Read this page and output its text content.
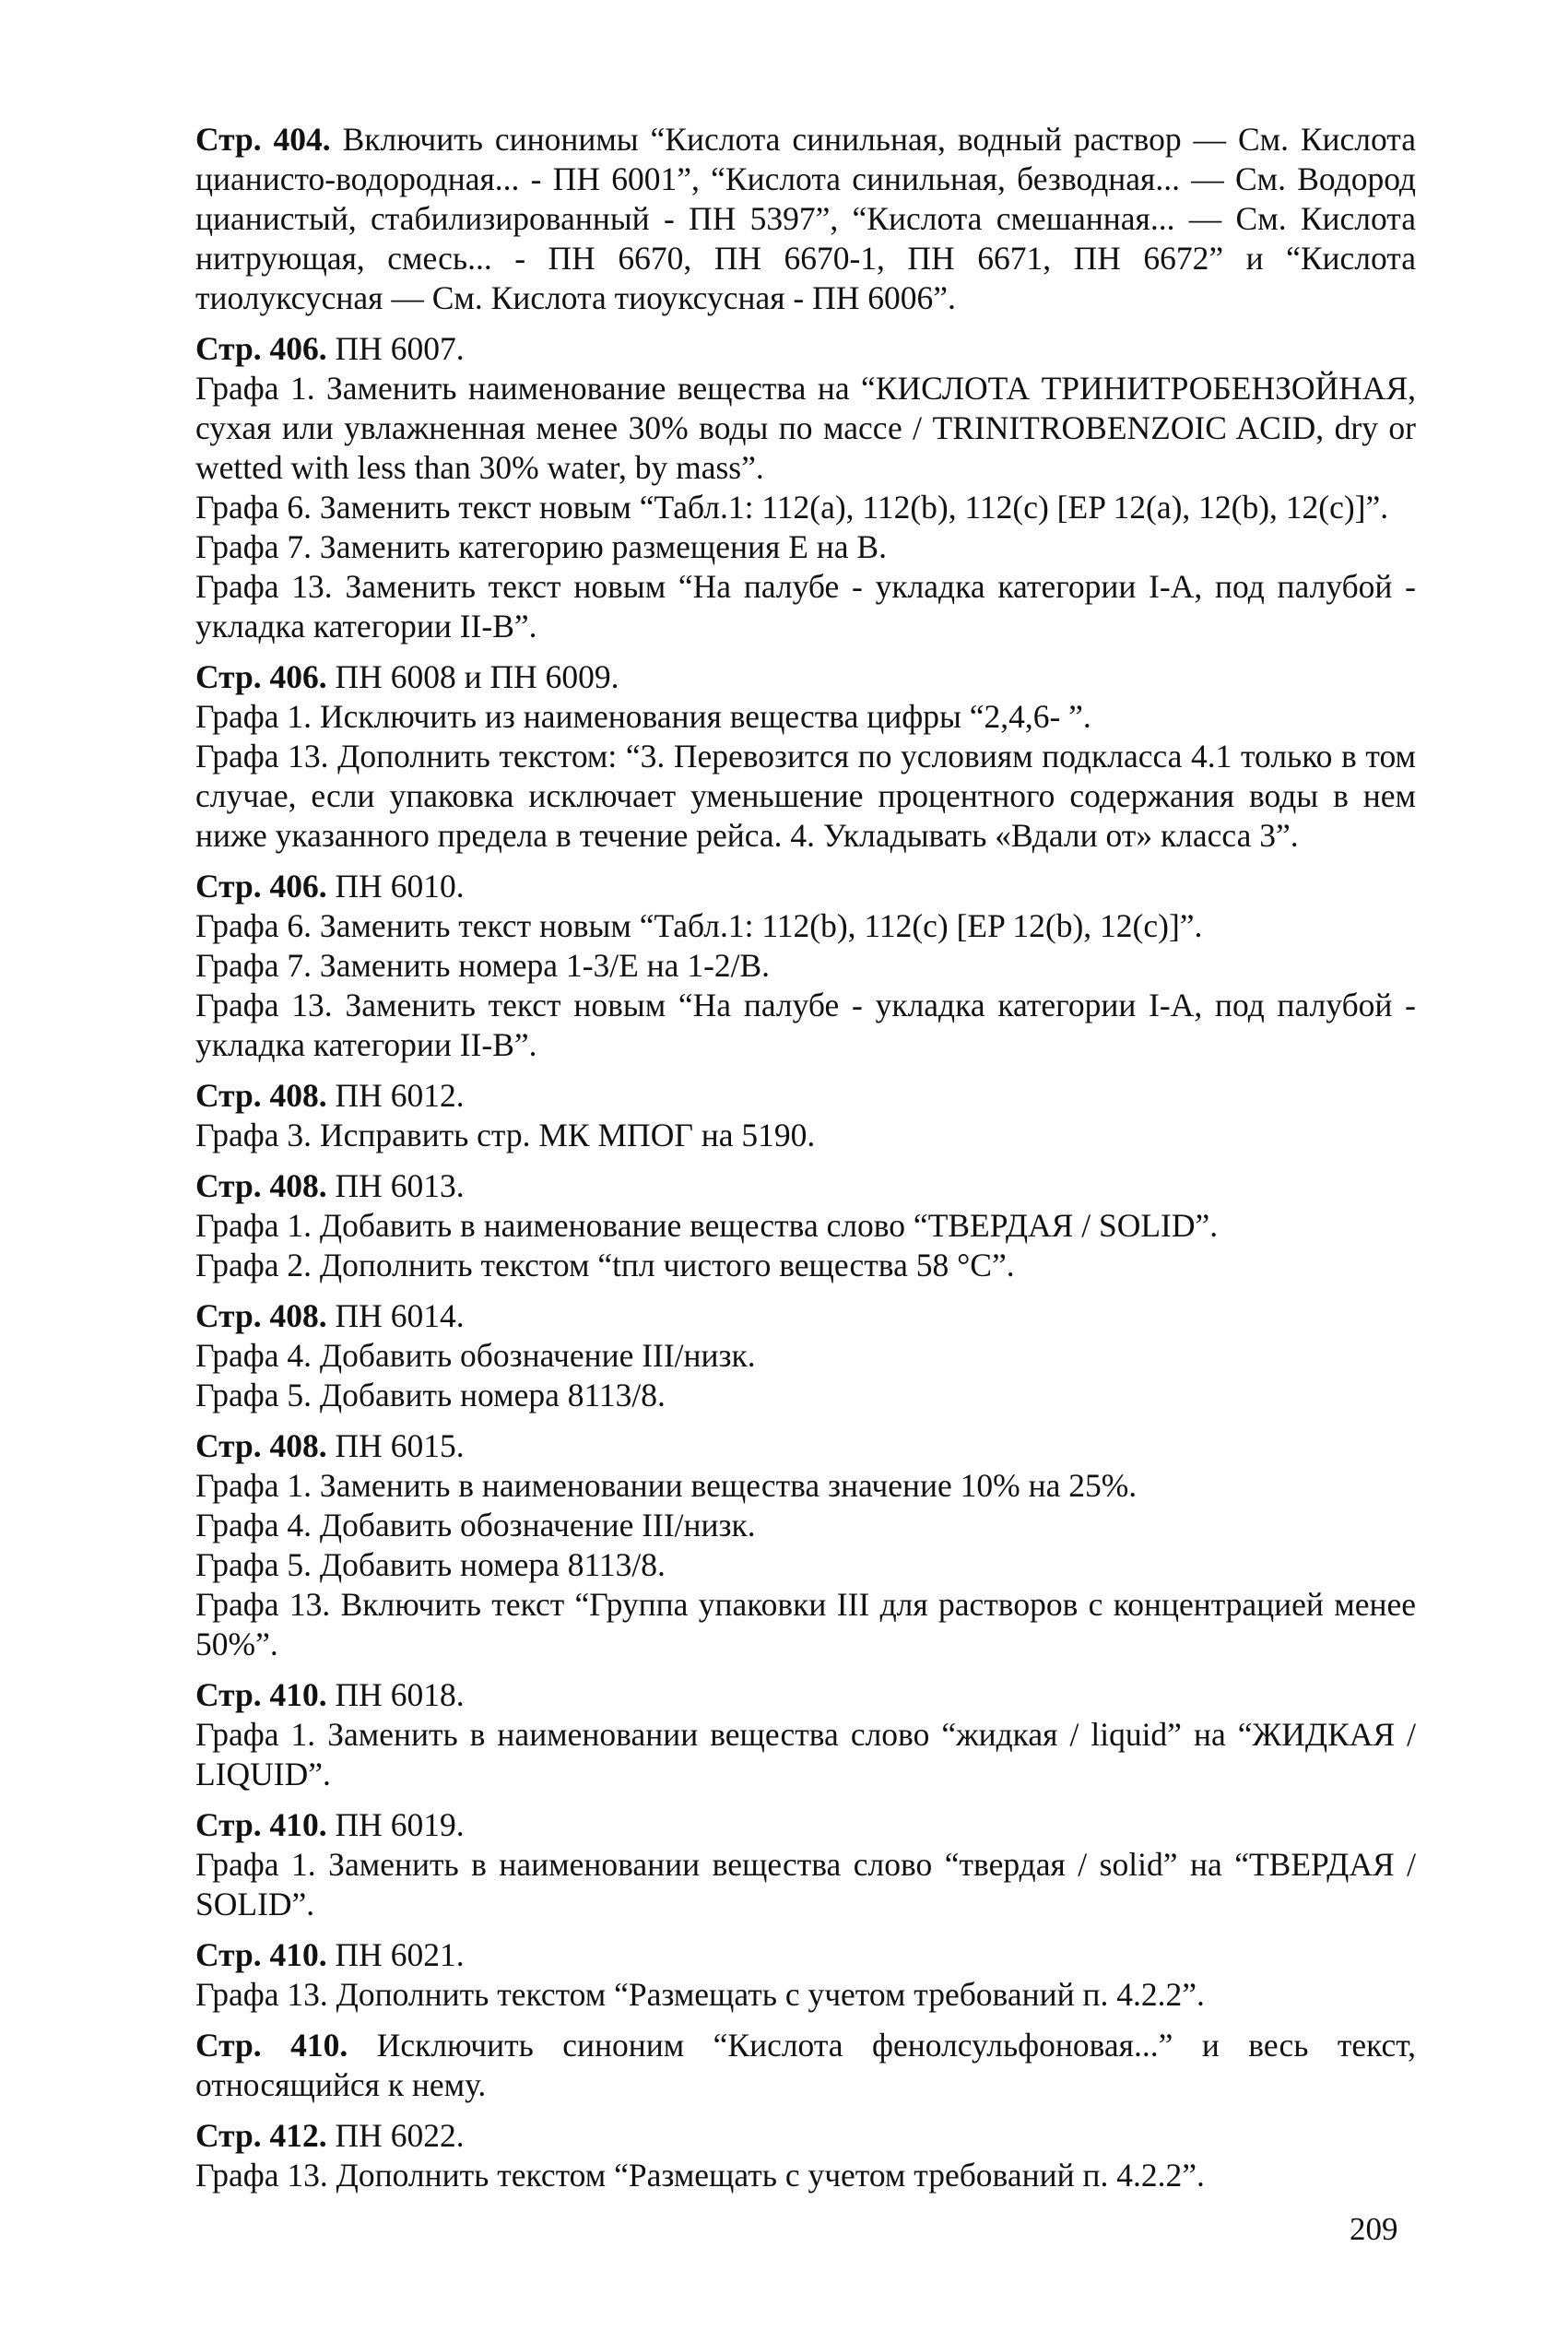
Стр. 404. Включить синонимы “Кислота синильная, водный раствор — См. Кислота цианисто-водородная... - ПН 6001”, “Кислота синильная, безводная... — См. Водород цианистый, стабилизированный - ПН 5397”, “Кислота смешанная... — См. Кислота нитрующая, смесь... - ПН 6670, ПН 6670-1, ПН 6671, ПН 6672” и “Кислота тиолуксусная — См. Кислота тиоуксусная - ПН 6006”.
Стр. 406. ПН 6007.
Графа 1. Заменить наименование вещества на “КИСЛОТА ТРИНИТРОБЕНЗОЙНАЯ, сухая или увлажненная менее 30% воды по массе / TRINITROBENZOIC ACID, dry or wetted with less than 30% water, by mass”.
Графа 6. Заменить текст новым “Табл.1: 112(a), 112(b), 112(c) [EP 12(a), 12(b), 12(c)]”.
Графа 7. Заменить категорию размещения E на B.
Графа 13. Заменить текст новым “На палубе - укладка категории I-A, под палубой - укладка категории II-B”.
Стр. 406. ПН 6008 и ПН 6009.
Графа 1. Исключить из наименования вещества цифры “2,4,6- ”.
Графа 13. Дополнить текстом: “3. Перевозится по условиям подкласса 4.1 только в том случае, если упаковка исключает уменьшение процентного содержания воды в нем ниже указанного предела в течение рейса. 4. Укладывать «Вдали от» класса 3”.
Стр. 406. ПН 6010.
Графа 6. Заменить текст новым “Табл.1: 112(b), 112(c) [EP 12(b), 12(c)]”.
Графа 7. Заменить номера 1-3/E на 1-2/B.
Графа 13. Заменить текст новым “На палубе - укладка категории I-A, под палубой - укладка категории II-B”.
Стр. 408. ПН 6012.
Графа 3. Исправить стр. МК МПОГ на 5190.
Стр. 408. ПН 6013.
Графа 1. Добавить в наименование вещества слово “ТВЕРДАЯ / SOLID”.
Графа 2. Дополнить текстом “tпл чистого вещества 58 °C”.
Стр. 408. ПН 6014.
Графа 4. Добавить обозначение III/низк.
Графа 5. Добавить номера 8113/8.
Стр. 408. ПН 6015.
Графа 1. Заменить в наименовании вещества значение 10% на 25%.
Графа 4. Добавить обозначение III/низк.
Графа 5. Добавить номера 8113/8.
Графа 13. Включить текст “Группа упаковки III для растворов с концентрацией менее 50%”.
Стр. 410. ПН 6018.
Графа 1. Заменить в наименовании вещества слово “жидкая / liquid” на “ЖИДКАЯ / LIQUID”.
Стр. 410. ПН 6019.
Графа 1. Заменить в наименовании вещества слово “твердая / solid” на “ТВЕРДАЯ / SOLID”.
Стр. 410. ПН 6021.
Графа 13. Дополнить текстом “Размещать с учетом требований п. 4.2.2”.
Стр. 410. Исключить синоним “Кислота фенолсульфоновая...” и весь текст, относящийся к нему.
Стр. 412. ПН 6022.
Графа 13. Дополнить текстом “Размещать с учетом требований п. 4.2.2”.
209
